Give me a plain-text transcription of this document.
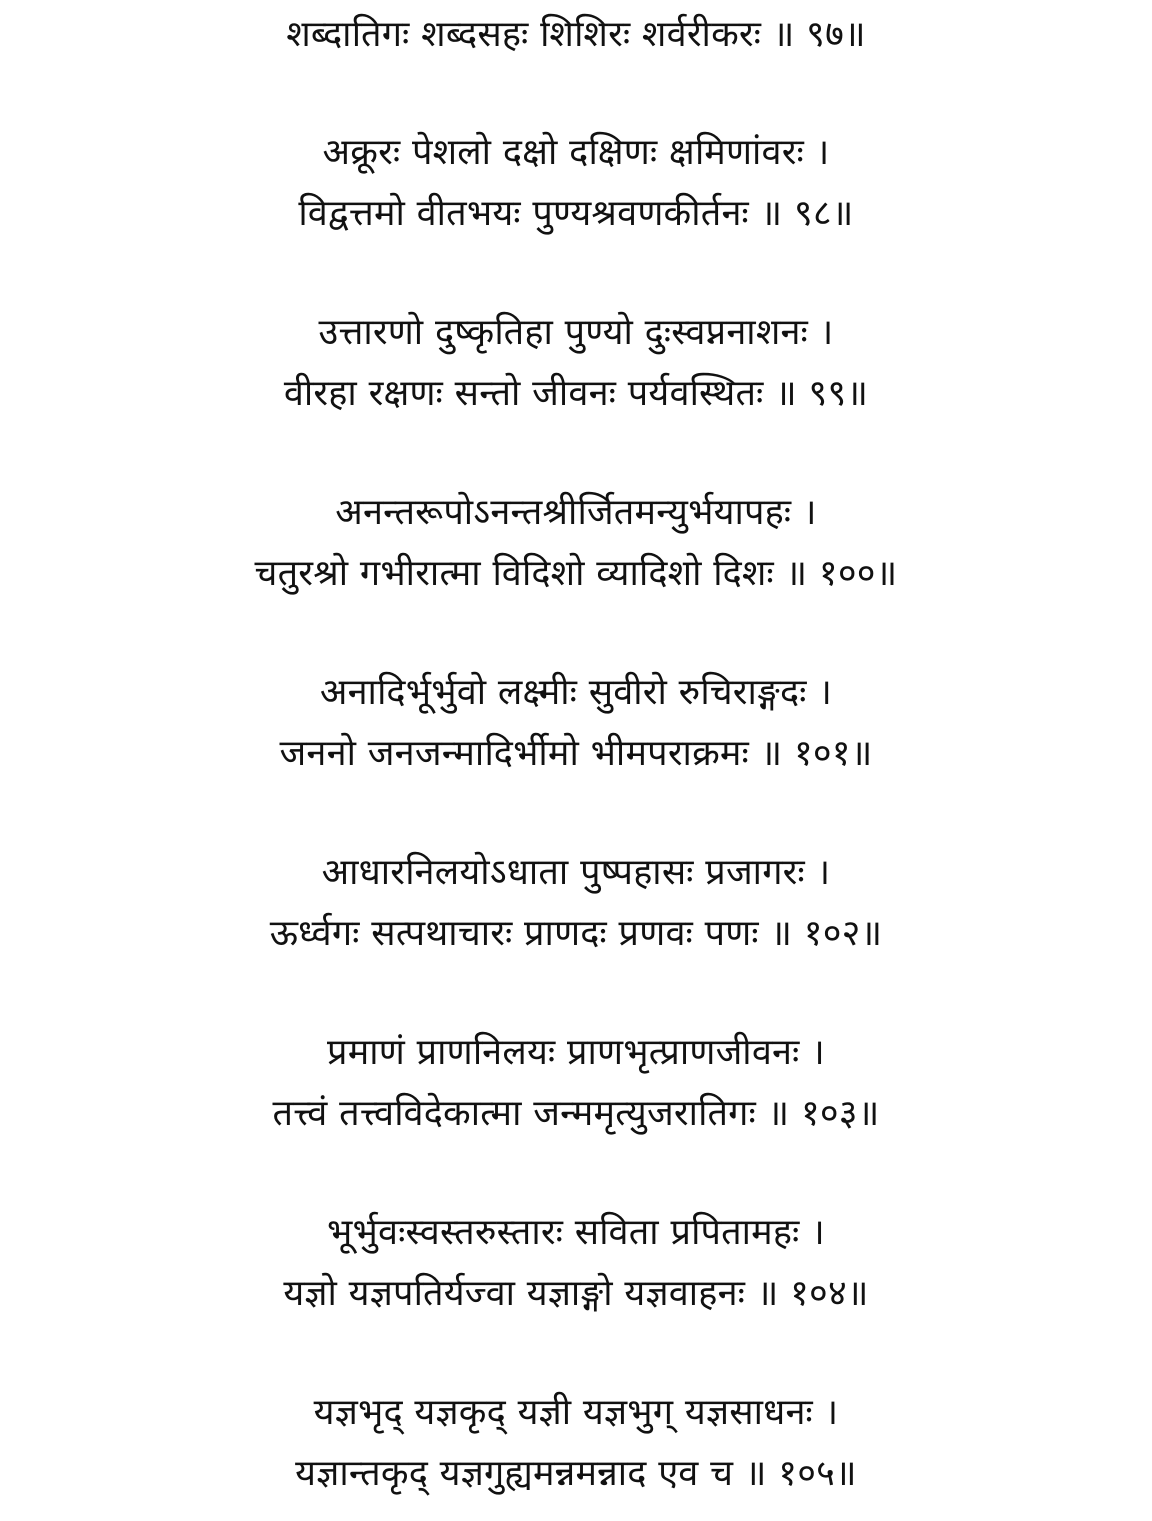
शब्दातिगः शब्दसहः शिशिरः शर्वरीकरः ॥ ९७॥
अक्रूरः पेशलो दक्षो दक्षिणः क्षमिणांवरः ।
विद्वत्तमो वीतभयः पुण्यश्रवणकीर्तनः ॥ ९८॥
उत्तारणो दुष्कृतिहा पुण्यो दुःस्वप्ननाशनः ।
वीरहा रक्षणः सन्तो जीवनः पर्यवस्थितः ॥ ९९॥
अनन्तरूपोऽनन्तश्रीर्जितमन्युर्भयापहः ।
चतुरश्रो गभीरात्मा विदिशो व्यादिशो दिशः ॥ १००॥
अनादिर्भूर्भुवो लक्ष्मीः सुवीरो रुचिराङ्गदः ।
जननो जनजन्मादिर्भीमो भीमपराक्रमः ॥ १०१॥
आधारनिलयोऽधाता पुष्पहासः प्रजागरः ।
ऊर्ध्वगः सत्पथाचारः प्राणदः प्रणवः पणः ॥ १०२॥
प्रमाणं प्राणनिलयः प्राणभृत्प्राणजीवनः ।
तत्त्वं तत्त्वविदेकात्मा जन्ममृत्युजरातिगः ॥ १०३॥
भूर्भुवःस्वस्तरुस्तारः सविता प्रपितामहः ।
यज्ञो यज्ञपतिर्यज्वा यज्ञाङ्गो यज्ञवाहनः ॥ १०४॥
यज्ञभृद् यज्ञकृद् यज्ञी यज्ञभुग् यज्ञसाधनः ।
यज्ञान्तकृद् यज्ञगुह्यमन्नमन्नाद एव च ॥ १०५॥
